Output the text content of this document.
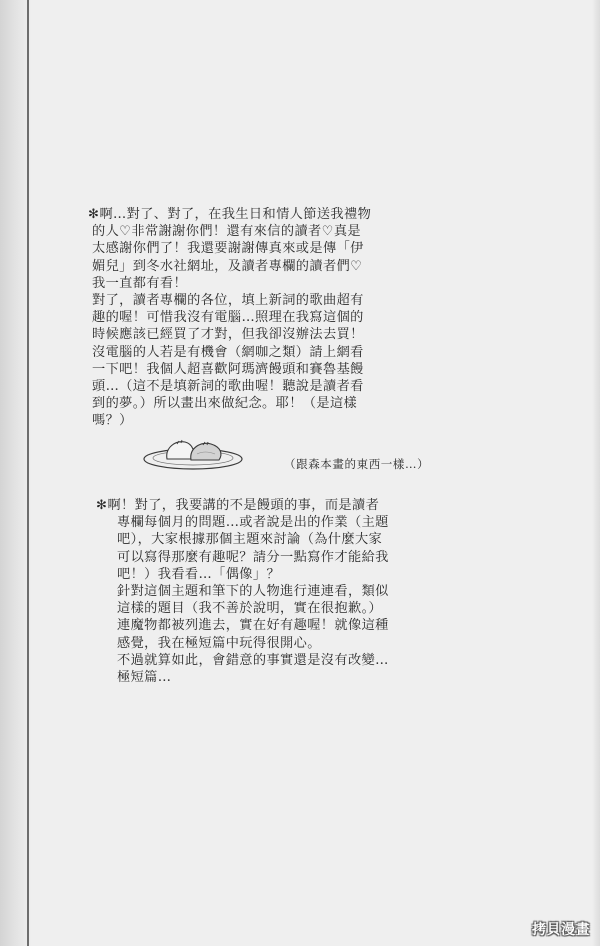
✻啊…對了、對了，在我生日和情人節送我禮物
的人♡非常謝謝你們！還有來信的讀者♡真是
太感謝你們了！我還要謝謝傳真來或是傳「伊
媚兒」到冬水社網址，及讀者專欄的讀者們♡
我一直都有看！
對了，讀者專欄的各位，填上新詞的歌曲超有
趣的喔！可惜我沒有電腦…照理在我寫這個的
時候應該已經買了才對，但我卻沒辦法去買！
沒電腦的人若是有機會（網咖之類）請上網看
一下吧！我個人超喜歡阿瑪濟饅頭和賽魯基饅
頭…（這不是填新詞的歌曲喔！聽說是讀者看
到的夢。）所以畫出來做紀念。耶！（是這樣
嗎？）
（跟森本畫的東西一樣…）
✻啊！對了，我要講的不是饅頭的事，而是讀者
專欄每個月的問題…或者說是出的作業（主題
吧），大家根據那個主題來討論（為什麼大家
可以寫得那麼有趣呢？請分一點寫作才能給我
吧！）我看看…「偶像」？
針對這個主題和筆下的人物進行連連看，類似
這樣的題目（我不善於說明，實在很抱歉。）
連魔物都被列進去，實在好有趣喔！就像這種
感覺，我在極短篇中玩得很開心。
不過就算如此，會錯意的事實還是沒有改變…
極短篇…
拷貝漫畫
